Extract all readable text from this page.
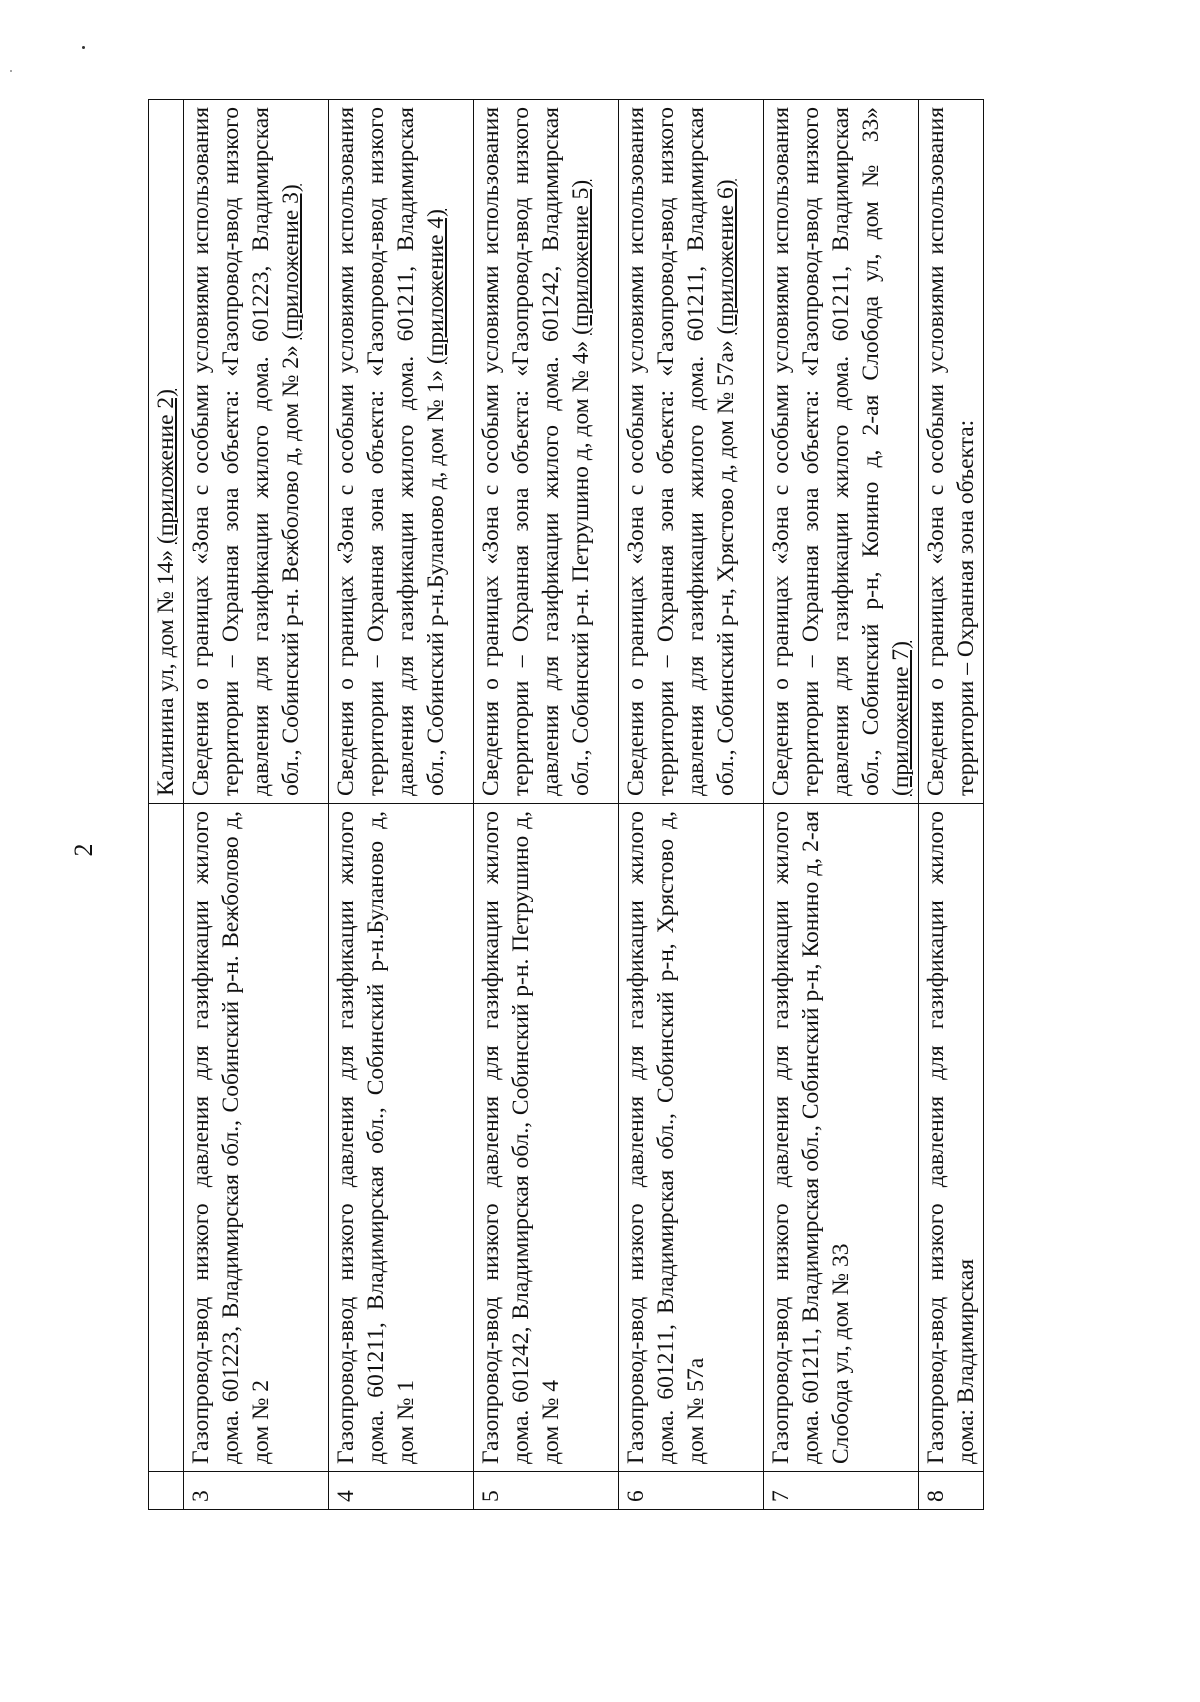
2
		Калинина ул, дом № 14» (приложение 2)
3	Газопровод-ввод низкого давления для газификации жилого дома. 601223, Владимирская обл., Собинский р-н. Вежболово д, дом № 2	Сведения о границах «Зона с особыми условиями использования территории – Охранная зона объекта: «Газопровод-ввод низкого давления для газификации жилого дома. 601223, Владимирская обл., Собинский р-н. Вежболово д, дом № 2» (приложение 3)
4	Газопровод-ввод низкого давления для газификации жилого дома. 601211, Владимирская обл., Собинский р-н.Буланово д, дом № 1	Сведения о границах «Зона с особыми условиями использования территории – Охранная зона объекта: «Газопровод-ввод низкого давления для газификации жилого дома. 601211, Владимирская обл., Собинский р-н.Буланово д, дом № 1» (приложение 4)
5	Газопровод-ввод низкого давления для газификации жилого дома. 601242, Владимирская обл., Собинский р-н. Петрушино д, дом № 4	Сведения о границах «Зона с особыми условиями использования территории – Охранная зона объекта: «Газопровод-ввод низкого давления для газификации жилого дома. 601242, Владимирская обл., Собинский р-н. Петрушино д, дом № 4» (приложение 5)
6	Газопровод-ввод низкого давления для газификации жилого дома. 601211, Владимирская обл., Собинский р-н, Хрястово д, дом № 57а	Сведения о границах «Зона с особыми условиями использования территории – Охранная зона объекта: «Газопровод-ввод низкого давления для газификации жилого дома. 601211, Владимирская обл., Собинский р-н, Хрястово д, дом № 57а» (приложение 6)
7	Газопровод-ввод низкого давления для газификации жилого дома. 601211, Владимирская обл., Собинский р-н, Конино д, 2-ая Слобода ул, дом № 33	Сведения о границах «Зона с особыми условиями использования территории – Охранная зона объекта: «Газопровод-ввод низкого давления для газификации жилого дома. 601211, Владимирская обл., Собинский р-н, Конино д, 2-ая Слобода ул, дом № 33» (приложение 7)
8	Газопровод-ввод низкого давления для газификации жилого дома: Владимирская	Сведения о границах «Зона с особыми условиями использования территории – Охранная зона объекта:
